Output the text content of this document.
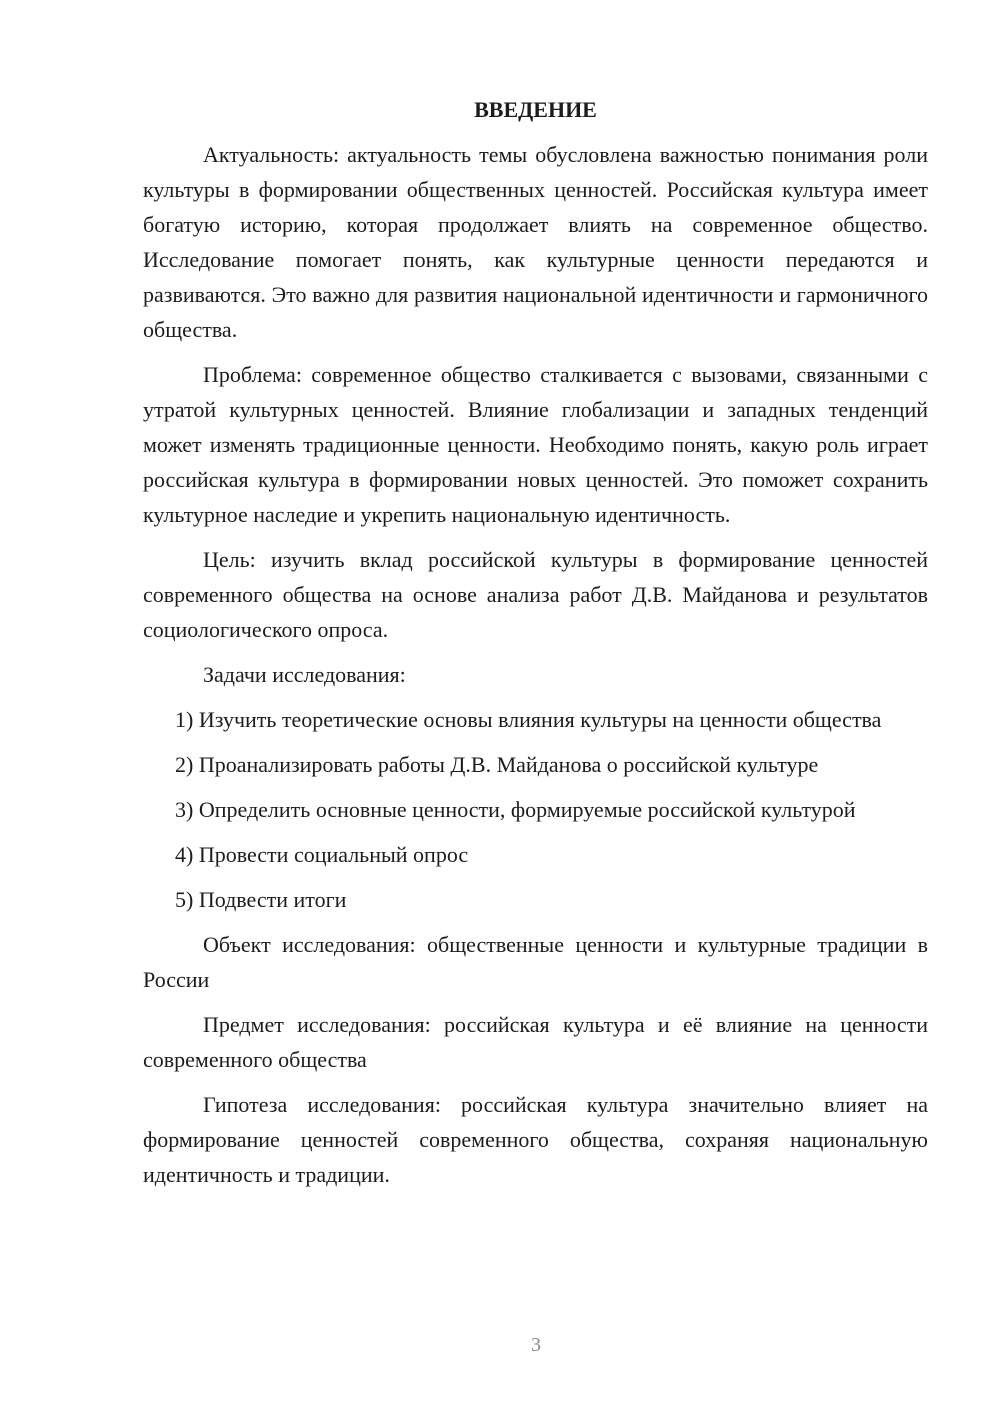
ВВЕДЕНИЕ

Актуальность: актуальность темы обусловлена важностью понимания роли культуры в формировании общественных ценностей. Российская культура имеет богатую историю, которая продолжает влиять на современное общество. Исследование помогает понять, как культурные ценности передаются и развиваются. Это важно для развития национальной идентичности и гармоничного общества.

Проблема: современное общество сталкивается с вызовами, связанными с утратой культурных ценностей. Влияние глобализации и западных тенденций может изменять традиционные ценности. Необходимо понять, какую роль играет российская культура в формировании новых ценностей. Это поможет сохранить культурное наследие и укрепить национальную идентичность.

Цель: изучить вклад российской культуры в формирование ценностей современного общества на основе анализа работ Д.В. Майданова и результатов социологического опроса.

Задачи исследования:

1) Изучить теоретические основы влияния культуры на ценности общества

2) Проанализировать работы Д.В. Майданова о российской культуре

3) Определить основные ценности, формируемые российской культурой

4) Провести социальный опрос

5) Подвести итоги

Объект исследования: общественные ценности и культурные традиции в России

Предмет исследования: российская культура и её влияние на ценности современного общества

Гипотеза исследования: российская культура значительно влияет на формирование ценностей современного общества, сохраняя национальную идентичность и традиции.

3
